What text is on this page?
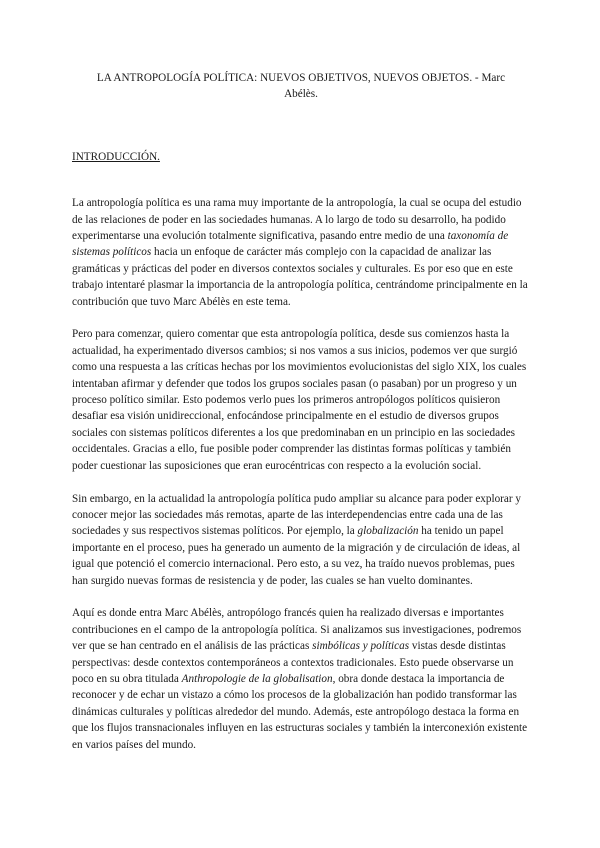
LA ANTROPOLOGÍA POLÍTICA: NUEVOS OBJETIVOS, NUEVOS OBJETOS. - Marc
Abélès.
INTRODUCCIÓN.

La antropología política es una rama muy importante de la antropología, la cual se ocupa del estudio de las relaciones de poder en las sociedades humanas. A lo largo de todo su desarrollo, ha podido experimentarse una evolución totalmente significativa, pasando entre medio de una taxonomía de sistemas políticos hacia un enfoque de carácter más complejo con la capacidad de analizar las gramáticas y prácticas del poder en diversos contextos sociales y culturales. Es por eso que en este trabajo intentaré plasmar la importancia de la antropología política, centrándome principalmente en la contribución que tuvo Marc Abélès en este tema.

Pero para comenzar, quiero comentar que esta antropología política, desde sus comienzos hasta la actualidad, ha experimentado diversos cambios; si nos vamos a sus inicios, podemos ver que surgió como una respuesta a las críticas hechas por los movimientos evolucionistas del siglo XIX, los cuales intentaban afirmar y defender que todos los grupos sociales pasan (o pasaban) por un progreso y un proceso político similar. Esto podemos verlo pues los primeros antropólogos políticos quisieron desafiar esa visión unidireccional, enfocándose principalmente en el estudio de diversos grupos sociales con sistemas políticos diferentes a los que predominaban en un principio en las sociedades occidentales. Gracias a ello, fue posible poder comprender las distintas formas políticas y también poder cuestionar las suposiciones que eran eurocéntricas con respecto a la evolución social.

Sin embargo, en la actualidad la antropología política pudo ampliar su alcance para poder explorar y conocer mejor las sociedades más remotas, aparte de las interdependencias entre cada una de las sociedades y sus respectivos sistemas políticos. Por ejemplo, la globalización ha tenido un papel importante en el proceso, pues ha generado un aumento de la migración y de circulación de ideas, al igual que potenció el comercio internacional. Pero esto, a su vez, ha traído nuevos problemas, pues han surgido nuevas formas de resistencia y de poder, las cuales se han vuelto dominantes.

Aquí es donde entra Marc Abélès, antropólogo francés quien ha realizado diversas e importantes contribuciones en el campo de la antropología política. Si analizamos sus investigaciones, podremos ver que se han centrado en el análisis de las prácticas simbólicas y políticas vistas desde distintas perspectivas: desde contextos contemporáneos a contextos tradicionales. Esto puede observarse un poco en su obra titulada Anthropologie de la globalisation, obra donde destaca la importancia de reconocer y de echar un vistazo a cómo los procesos de la globalización han podido transformar las dinámicas culturales y políticas alrededor del mundo. Además, este antropólogo destaca la forma en que los flujos transnacionales influyen en las estructuras sociales y también la interconexión existente en varios países del mundo.
